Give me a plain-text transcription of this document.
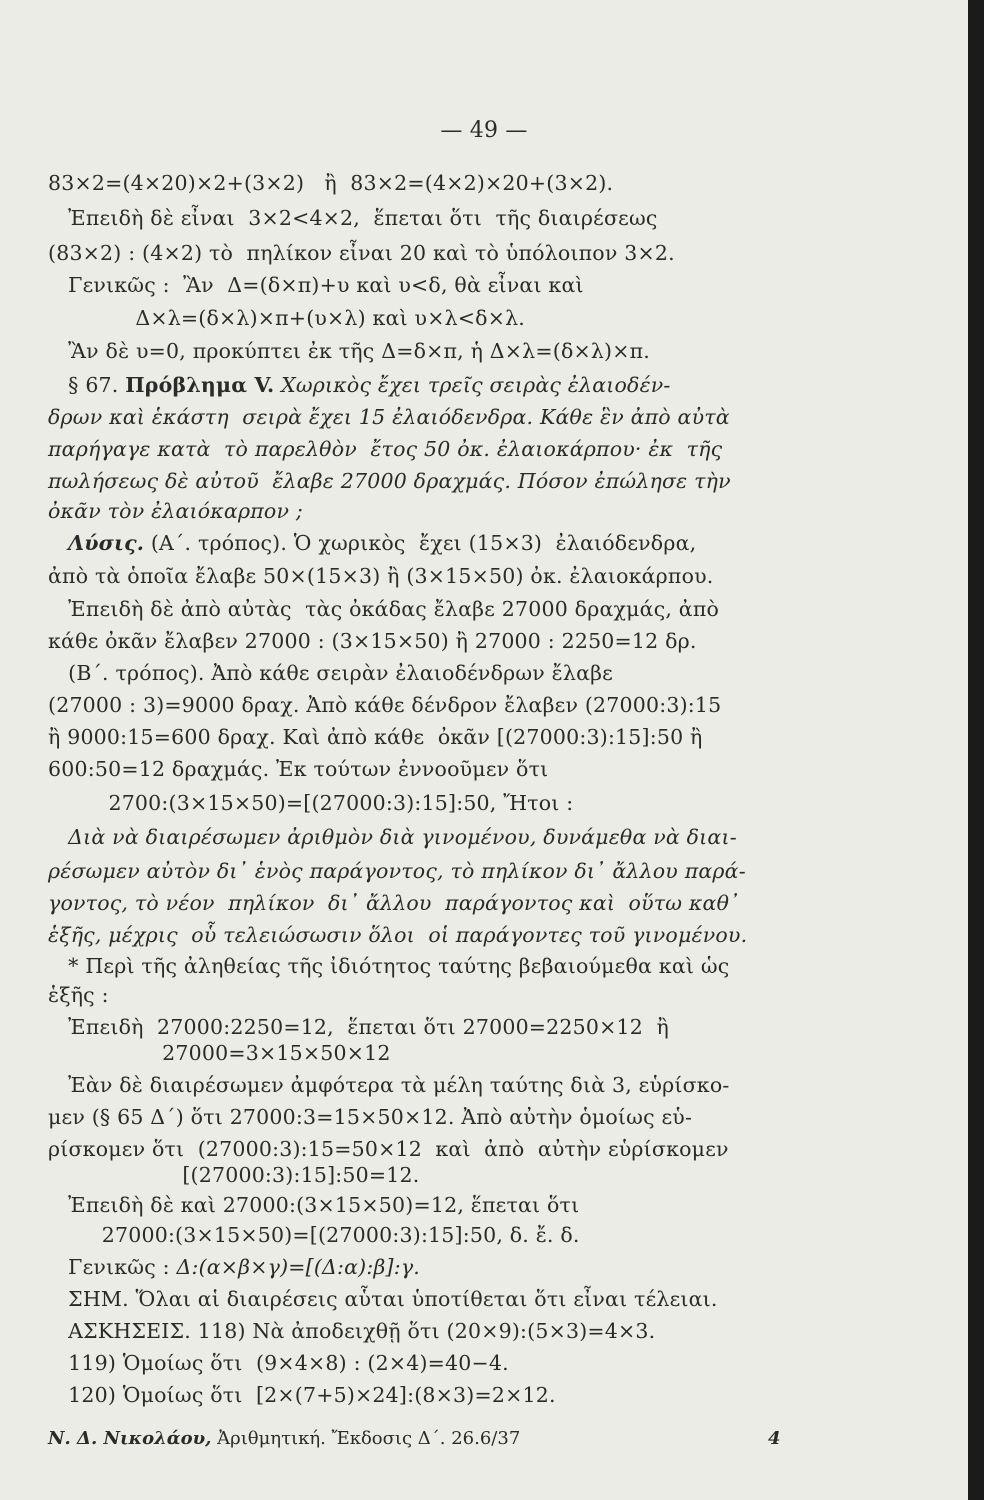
— 49 —
83×2=(4×20)×2+(3×2)   ἢ  83×2=(4×2)×20+(3×2).
Ἐπειδὴ δὲ εἶναι  3×2<4×2,  ἕπεται ὅτι  τῆς διαιρέσεως
(83×2) : (4×2) τὸ  πηλίκον εἶναι 20 καὶ τὸ ὑπόλοιπον 3×2.
Γενικῶς :  Ἂν  Δ=(δ×π)+υ καὶ υ<δ, θὰ εἶναι καὶ
Δ×λ=(δ×λ)×π+(υ×λ) καὶ υ×λ<δ×λ.
Ἂν δὲ υ=0, προκύπτει ἐκ τῆς Δ=δ×π, ἡ Δ×λ=(δ×λ)×π.
§ 67. Πρόβλημα V. Χωρικὸς ἔχει τρεῖς σειρὰς ἐλαιοδέν-
δρων καὶ ἑκάστη  σειρὰ ἔχει 15 ἐλαιόδενδρα. Κάθε ἓν ἀπὸ αὐτὰ
παρήγαγε κατὰ  τὸ παρελθὸν  ἔτος 50 ὀκ. ἐλαιοκάρπου· ἐκ  τῆς
πωλήσεως δὲ αὐτοῦ  ἔλαβε 27000 δραχμάς. Πόσον ἐπώλησε τὴν
ὀκᾶν τὸν ἐλαιόκαρπον ;
Λύσις. (Α΄. τρόπος). Ὁ χωρικὸς  ἔχει (15×3)  ἐλαιόδενδρα,
ἀπὸ τὰ ὁποῖα ἔλαβε 50×(15×3) ἢ (3×15×50) ὀκ. ἐλαιοκάρπου.
Ἐπειδὴ δὲ ἀπὸ αὐτὰς  τὰς ὀκάδας ἔλαβε 27000 δραχμάς, ἀπὸ
κάθε ὀκᾶν ἔλαβεν 27000 : (3×15×50) ἢ 27000 : 2250=12 δρ.
(Β΄. τρόπος). Ἀπὸ κάθε σειρὰν ἐλαιοδένδρων ἔλαβε
(27000 : 3)=9000 δραχ. Ἀπὸ κάθε δένδρον ἔλαβεν (27000:3):15
ἢ 9000:15=600 δραχ. Καὶ ἀπὸ κάθε  ὀκᾶν [(27000:3):15]:50 ἢ
600:50=12 δραχμάς. Ἐκ τούτων ἐννοοῦμεν ὅτι
2700:(3×15×50)=[(27000:3):15]:50, Ἤτοι :
Διὰ νὰ διαιρέσωμεν ἀριθμὸν διὰ γινομένου, δυνάμεθα νὰ διαι-
ρέσωμεν αὐτὸν δι᾿ ἑνὸς παράγοντος, τὸ πηλίκον δι᾿ ἄλλου παρά-
γοντος, τὸ νέον  πηλίκον  δι᾿ ἄλλου  παράγοντος καὶ  οὕτω καθ᾿
ἑξῆς, μέχρις  οὗ τελειώσωσιν ὅλοι  οἱ παράγοντες τοῦ γινομένου.
* Περὶ τῆς ἀληθείας τῆς ἰδιότητος ταύτης βεβαιούμεθα καὶ ὡς
ἑξῆς :
Ἐπειδὴ  27000:2250=12,  ἕπεται ὅτι 27000=2250×12  ἢ
27000=3×15×50×12
Ἐὰν δὲ διαιρέσωμεν ἀμφότερα τὰ μέλη ταύτης διὰ 3, εὑρίσκο-
μεν (§ 65 Δ΄) ὅτι 27000:3=15×50×12. Ἀπὸ αὐτὴν ὁμοίως εὑ-
ρίσκομεν ὅτι  (27000:3):15=50×12  καὶ  ἀπὸ  αὐτὴν εὑρίσκομεν
[(27000:3):15]:50=12.
Ἐπειδὴ δὲ καὶ 27000:(3×15×50)=12, ἕπεται ὅτι
27000:(3×15×50)=[(27000:3):15]:50, δ. ἔ. δ.
Γενικῶς : Δ:(α×β×γ)=[(Δ:α):β]:γ.
ΣΗΜ. Ὅλαι αἱ διαιρέσεις αὗται ὑποτίθεται ὅτι εἶναι τέλειαι.
ΑΣΚΗΣΕΙΣ. 118) Νὰ ἀποδειχθῇ ὅτι (20×9):(5×3)=4×3.
119) Ὁμοίως ὅτι  (9×4×8) : (2×4)=40−4.
120) Ὁμοίως ὅτι  [2×(7+5)×24]:(8×3)=2×12.
Ν. Δ. Νικολάου, Ἀριθμητική. Ἔκδοσις Δ΄. 26.6/37	4
